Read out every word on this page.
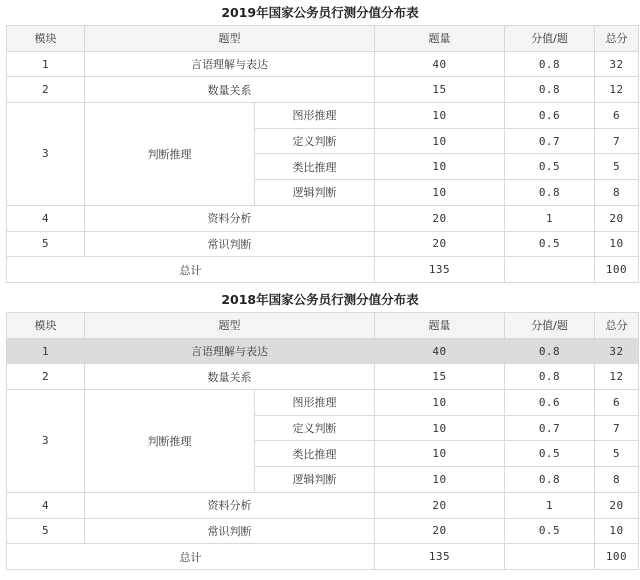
2019年国家公务员行测分值分布表
模块	题型		题量	分值/题	总分
1	言语理解与表达		40	0.8	32
2	数量关系		15	0.8	12
3	判断推理	图形推理	10	0.6	6
		定义判断	10	0.7	7
		类比推理	10	0.5	5
		逻辑判断	10	0.8	8
4	资料分析		20	1	20
5	常识判断		20	0.5	10
总计			135		100
2018年国家公务员行测分值分布表
模块	题型		题量	分值/题	总分
1	言语理解与表达		40	0.8	32
2	数量关系		15	0.8	12
3	判断推理	图形推理	10	0.6	6
		定义判断	10	0.7	7
		类比推理	10	0.5	5
		逻辑判断	10	0.8	8
4	资料分析		20	1	20
5	常识判断		20	0.5	10
总计			135		100
